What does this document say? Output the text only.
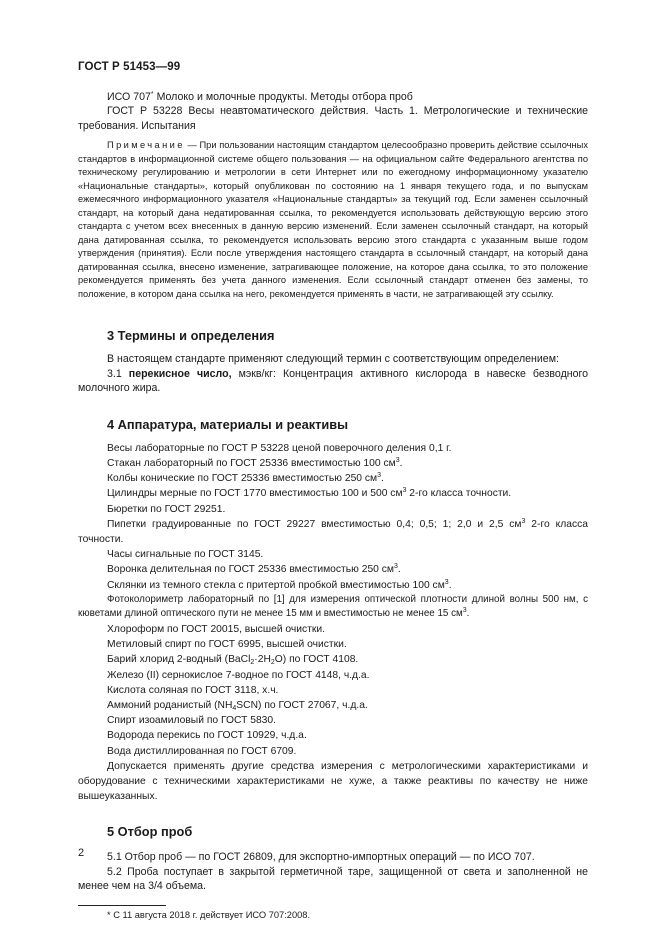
ГОСТ Р 51453—99

ИСО 707* Молоко и молочные продукты. Методы отбора проб

ГОСТ Р 53228 Весы неавтоматического действия. Часть 1. Метрологические и технические требования. Испытания

Примечание — При пользовании настоящим стандартом целесообразно проверить действие ссылочных стандартов в информационной системе общего пользования — на официальном сайте Федерального агентства по техническому регулированию и метрологии в сети Интернет или по ежегодному информационному указателю «Национальные стандарты», который опубликован по состоянию на 1 января текущего года, и по выпускам ежемесячного информационного указателя «Национальные стандарты» за текущий год. Если заменен ссылочный стандарт, на который дана недатированная ссылка, то рекомендуется использовать действующую версию этого стандарта с учетом всех внесенных в данную версию изменений. Если заменен ссылочный стандарт, на который дана датированная ссылка, то рекомендуется использовать версию этого стандарта с указанным выше годом утверждения (принятия). Если после утверждения настоящего стандарта в ссылочный стандарт, на который дана датированная ссылка, внесено изменение, затрагивающее положение, на которое дана ссылка, то это положение рекомендуется применять без учета данного изменения. Если ссылочный стандарт отменен без замены, то положение, в котором дана ссылка на него, рекомендуется применять в части, не затрагивающей эту ссылку.

3 Термины и определения

В настоящем стандарте применяют следующий термин с соответствующим определением:

3.1 перекисное число, мэкв/кг: Концентрация активного кислорода в навеске безводного молочного жира.

4 Аппаратура, материалы и реактивы

Весы лабораторные по ГОСТ Р 53228 ценой поверочного деления 0,1 г.

Стакан лабораторный по ГОСТ 25336 вместимостью 100 $см^3$.

Колбы конические по ГОСТ 25336 вместимостью 250 $см^3$.

Цилиндры мерные по ГОСТ 1770 вместимостью 100 и 500 $см^3$ 2-го класса точности.

Бюретки по ГОСТ 29251.

Пипетки градуированные по ГОСТ 29227 вместимостью 0,4; 0,5; 1; 2,0 и 2,5 $см^3$ 2-го класса точности.

Часы сигнальные по ГОСТ 3145.

Воронка делительная по ГОСТ 25336 вместимостью 250 $см^3$.

Склянки из темного стекла с притертой пробкой вместимостью 100 $см^3$.

Фотоколориметр лабораторный по [1] для измерения оптической плотности длиной волны 500 нм, с кюветами длиной оптического пути не менее 15 мм и вместимостью не менее 15 $см^3$.

Хлороформ по ГОСТ 20015, высшей очистки.

Метиловый спирт по ГОСТ 6995, высшей очистки.

Барий хлорид 2-водный $(BaCl_2\cdot 2H_2O)$ по ГОСТ 4108.

Железо (II) сернокислое 7-водное по ГОСТ 4148, ч.д.а.

Кислота соляная по ГОСТ 3118, х.ч.

Аммоний роданистый $(NH_4SCN)$ по ГОСТ 27067, ч.д.а.

Спирт изоамиловый по ГОСТ 5830.

Водорода перекись по ГОСТ 10929, ч.д.а.

Вода дистиллированная по ГОСТ 6709.

Допускается применять другие средства измерения с метрологическими характеристиками и оборудование с техническими характеристиками не хуже, а также реактивы по качеству не ниже вышеуказанных.

5 Отбор проб

5.1 Отбор проб — по ГОСТ 26809, для экспортно-импортных операций — по ИСО 707.

5.2 Проба поступает в закрытой герметичной таре, защищенной от света и заполненной не менее чем на 3/4 объема.

* С 11 августа 2018 г. действует ИСО 707:2008.

2
